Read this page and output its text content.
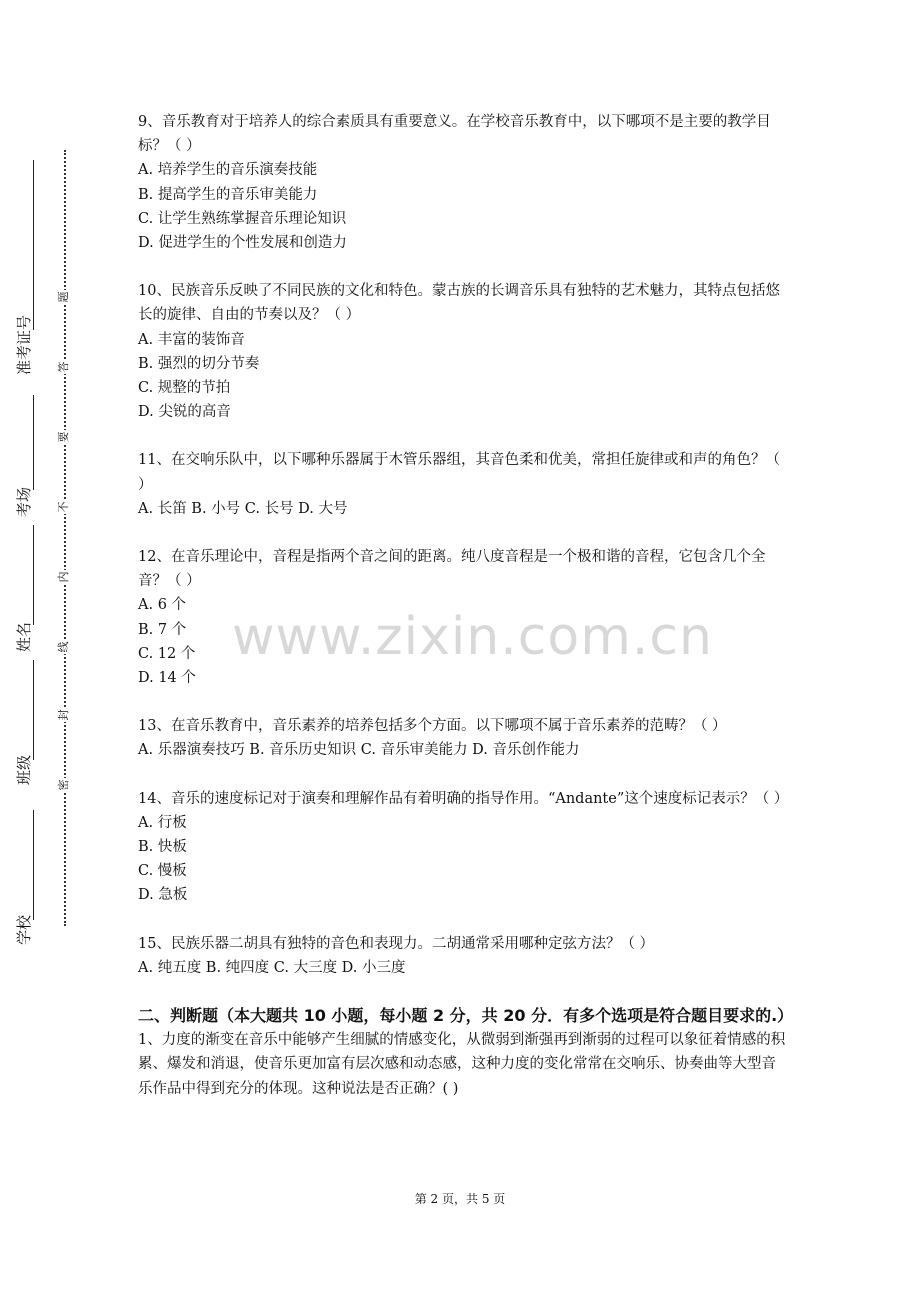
学校
班级
姓名
考场
准考证号
密
封
线
内
不
要
答
题

9、音乐教育对于培养人的综合素质具有重要意义。在学校音乐教育中，以下哪项不是主要的教学目标？（ ）

A. 培养学生的音乐演奏技能

B. 提高学生的音乐审美能力

C. 让学生熟练掌握音乐理论知识

D. 促进学生的个性发展和创造力

10、民族音乐反映了不同民族的文化和特色。蒙古族的长调音乐具有独特的艺术魅力，其特点包括悠长的旋律、自由的节奏以及？（ ）

A. 丰富的装饰音

B. 强烈的切分节奏

C. 规整的节拍

D. 尖锐的高音

11、在交响乐队中，以下哪种乐器属于木管乐器组，其音色柔和优美，常担任旋律或和声的角色？（ ）

A. 长笛 B. 小号 C. 长号 D. 大号

12、在音乐理论中，音程是指两个音之间的距离。纯八度音程是一个极和谐的音程，它包含几个全音？（ ）

A. 6 个

B. 7 个

C. 12 个

D. 14 个

13、在音乐教育中，音乐素养的培养包括多个方面。以下哪项不属于音乐素养的范畴？（ ）

A. 乐器演奏技巧 B. 音乐历史知识 C. 音乐审美能力 D. 音乐创作能力

14、音乐的速度标记对于演奏和理解作品有着明确的指导作用。“Andante”这个速度标记表示？（ ）

A. 行板

B. 快板

C. 慢板

D. 急板

15、民族乐器二胡具有独特的音色和表现力。二胡通常采用哪种定弦方法？（ ）

A. 纯五度 B. 纯四度 C. 大三度 D. 小三度

二、判断题（本大题共 10 小题，每小题 2 分，共 20 分．有多个选项是符合题目要求的.）

1、力度的渐变在音乐中能够产生细腻的情感变化，从微弱到渐强再到渐弱的过程可以象征着情感的积累、爆发和消退，使音乐更加富有层次感和动态感，这种力度的变化常常在交响乐、协奏曲等大型音乐作品中得到充分的体现。这种说法是否正确？( )

www.zixin.com.cn
第 2 页，共 5 页
